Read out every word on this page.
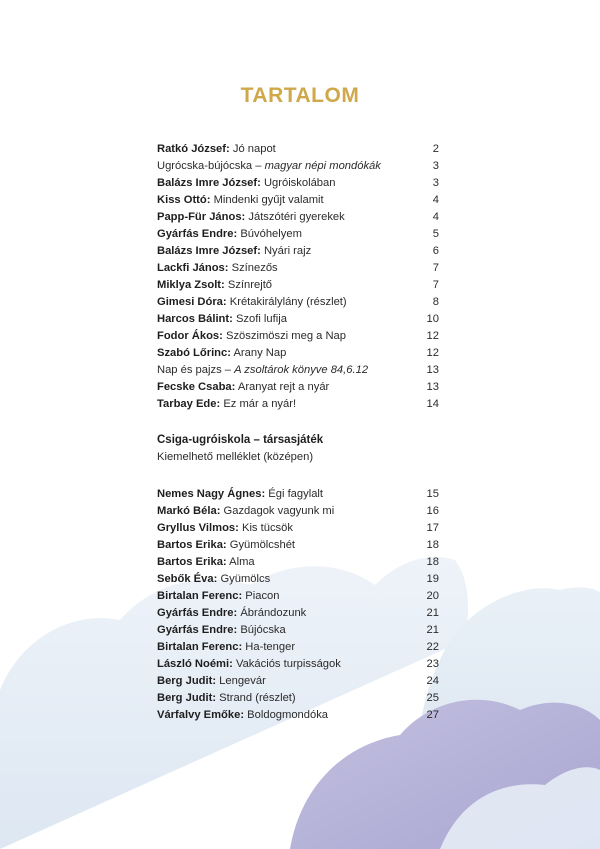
TARTALOM
Ratkó József: Jó napot	2
Ugrócska-bújócska – magyar népi mondókák	3
Balázs Imre József: Ugróiskolában	3
Kiss Ottó: Mindenki gyűjt valamit	4
Papp-Für János: Játszótéri gyerekek	4
Gyárfás Endre: Búvóhelyem	5
Balázs Imre József: Nyári rajz	6
Lackfi János: Színezős	7
Miklya Zsolt: Színrejtő	7
Gimesi Dóra: Krétakirálylány (részlet)	8
Harcos Bálint: Szofi lufija	10
Fodor Ákos: Szöszimöszi meg a Nap	12
Szabó Lőrinc: Arany Nap	12
Nap és pajzs – A zsoltárok könyve 84,6.12	13
Fecske Csaba: Aranyat rejt a nyár	13
Tarbay Ede: Ez már a nyár!	14
Csiga-ugróiskola – társasjáték
Kiemelhető melléklet (középen)
Nemes Nagy Ágnes: Égi fagylalt	15
Markó Béla: Gazdagok vagyunk mi	16
Gryllus Vilmos: Kis tücsök	17
Bartos Erika: Gyümölcshét	18
Bartos Erika: Alma	18
Sebők Éva: Gyümölcs	19
Birtalan Ferenc: Piacon	20
Gyárfás Endre: Ábrándozunk	21
Gyárfás Endre: Bújócska	21
Birtalan Ferenc: Ha-tenger	22
László Noémi: Vakációs turpisságok	23
Berg Judit: Lengevár	24
Berg Judit: Strand (részlet)	25
Várfalvy Emőke: Boldogmondóka	27
